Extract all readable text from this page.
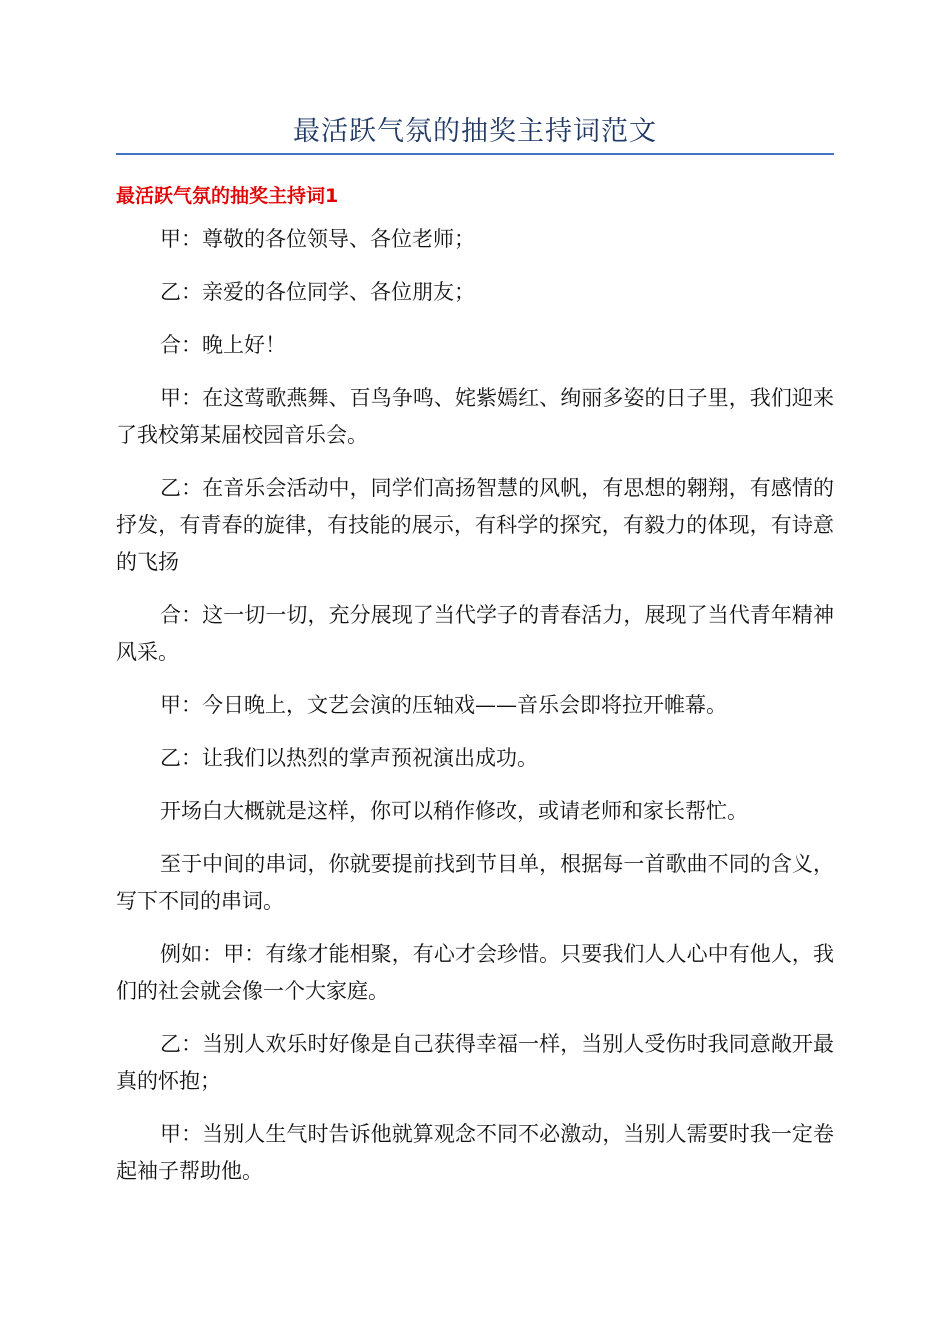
最活跃气氛的抽奖主持词范文
最活跃气氛的抽奖主持词1

甲：尊敬的各位领导、各位老师；

乙：亲爱的各位同学、各位朋友；

合：晚上好！

甲：在这莺歌燕舞、百鸟争鸣、姹紫嫣红、绚丽多姿的日子里，我们迎来了我校第某届校园音乐会。

乙：在音乐会活动中，同学们高扬智慧的风帆，有思想的翱翔，有感情的抒发，有青春的旋律，有技能的展示，有科学的探究，有毅力的体现，有诗意的飞扬

合：这一切一切，充分展现了当代学子的青春活力，展现了当代青年精神风采。

甲：今日晚上，文艺会演的压轴戏——音乐会即将拉开帷幕。

乙：让我们以热烈的掌声预祝演出成功。

开场白大概就是这样，你可以稍作修改，或请老师和家长帮忙。

至于中间的串词，你就要提前找到节目单，根据每一首歌曲不同的含义，写下不同的串词。

例如：甲：有缘才能相聚，有心才会珍惜。只要我们人人心中有他人，我们的社会就会像一个大家庭。

乙：当别人欢乐时好像是自己获得幸福一样，当别人受伤时我同意敞开最真的怀抱；

甲：当别人生气时告诉他就算观念不同不必激动，当别人需要时我一定卷起袖子帮助他。
